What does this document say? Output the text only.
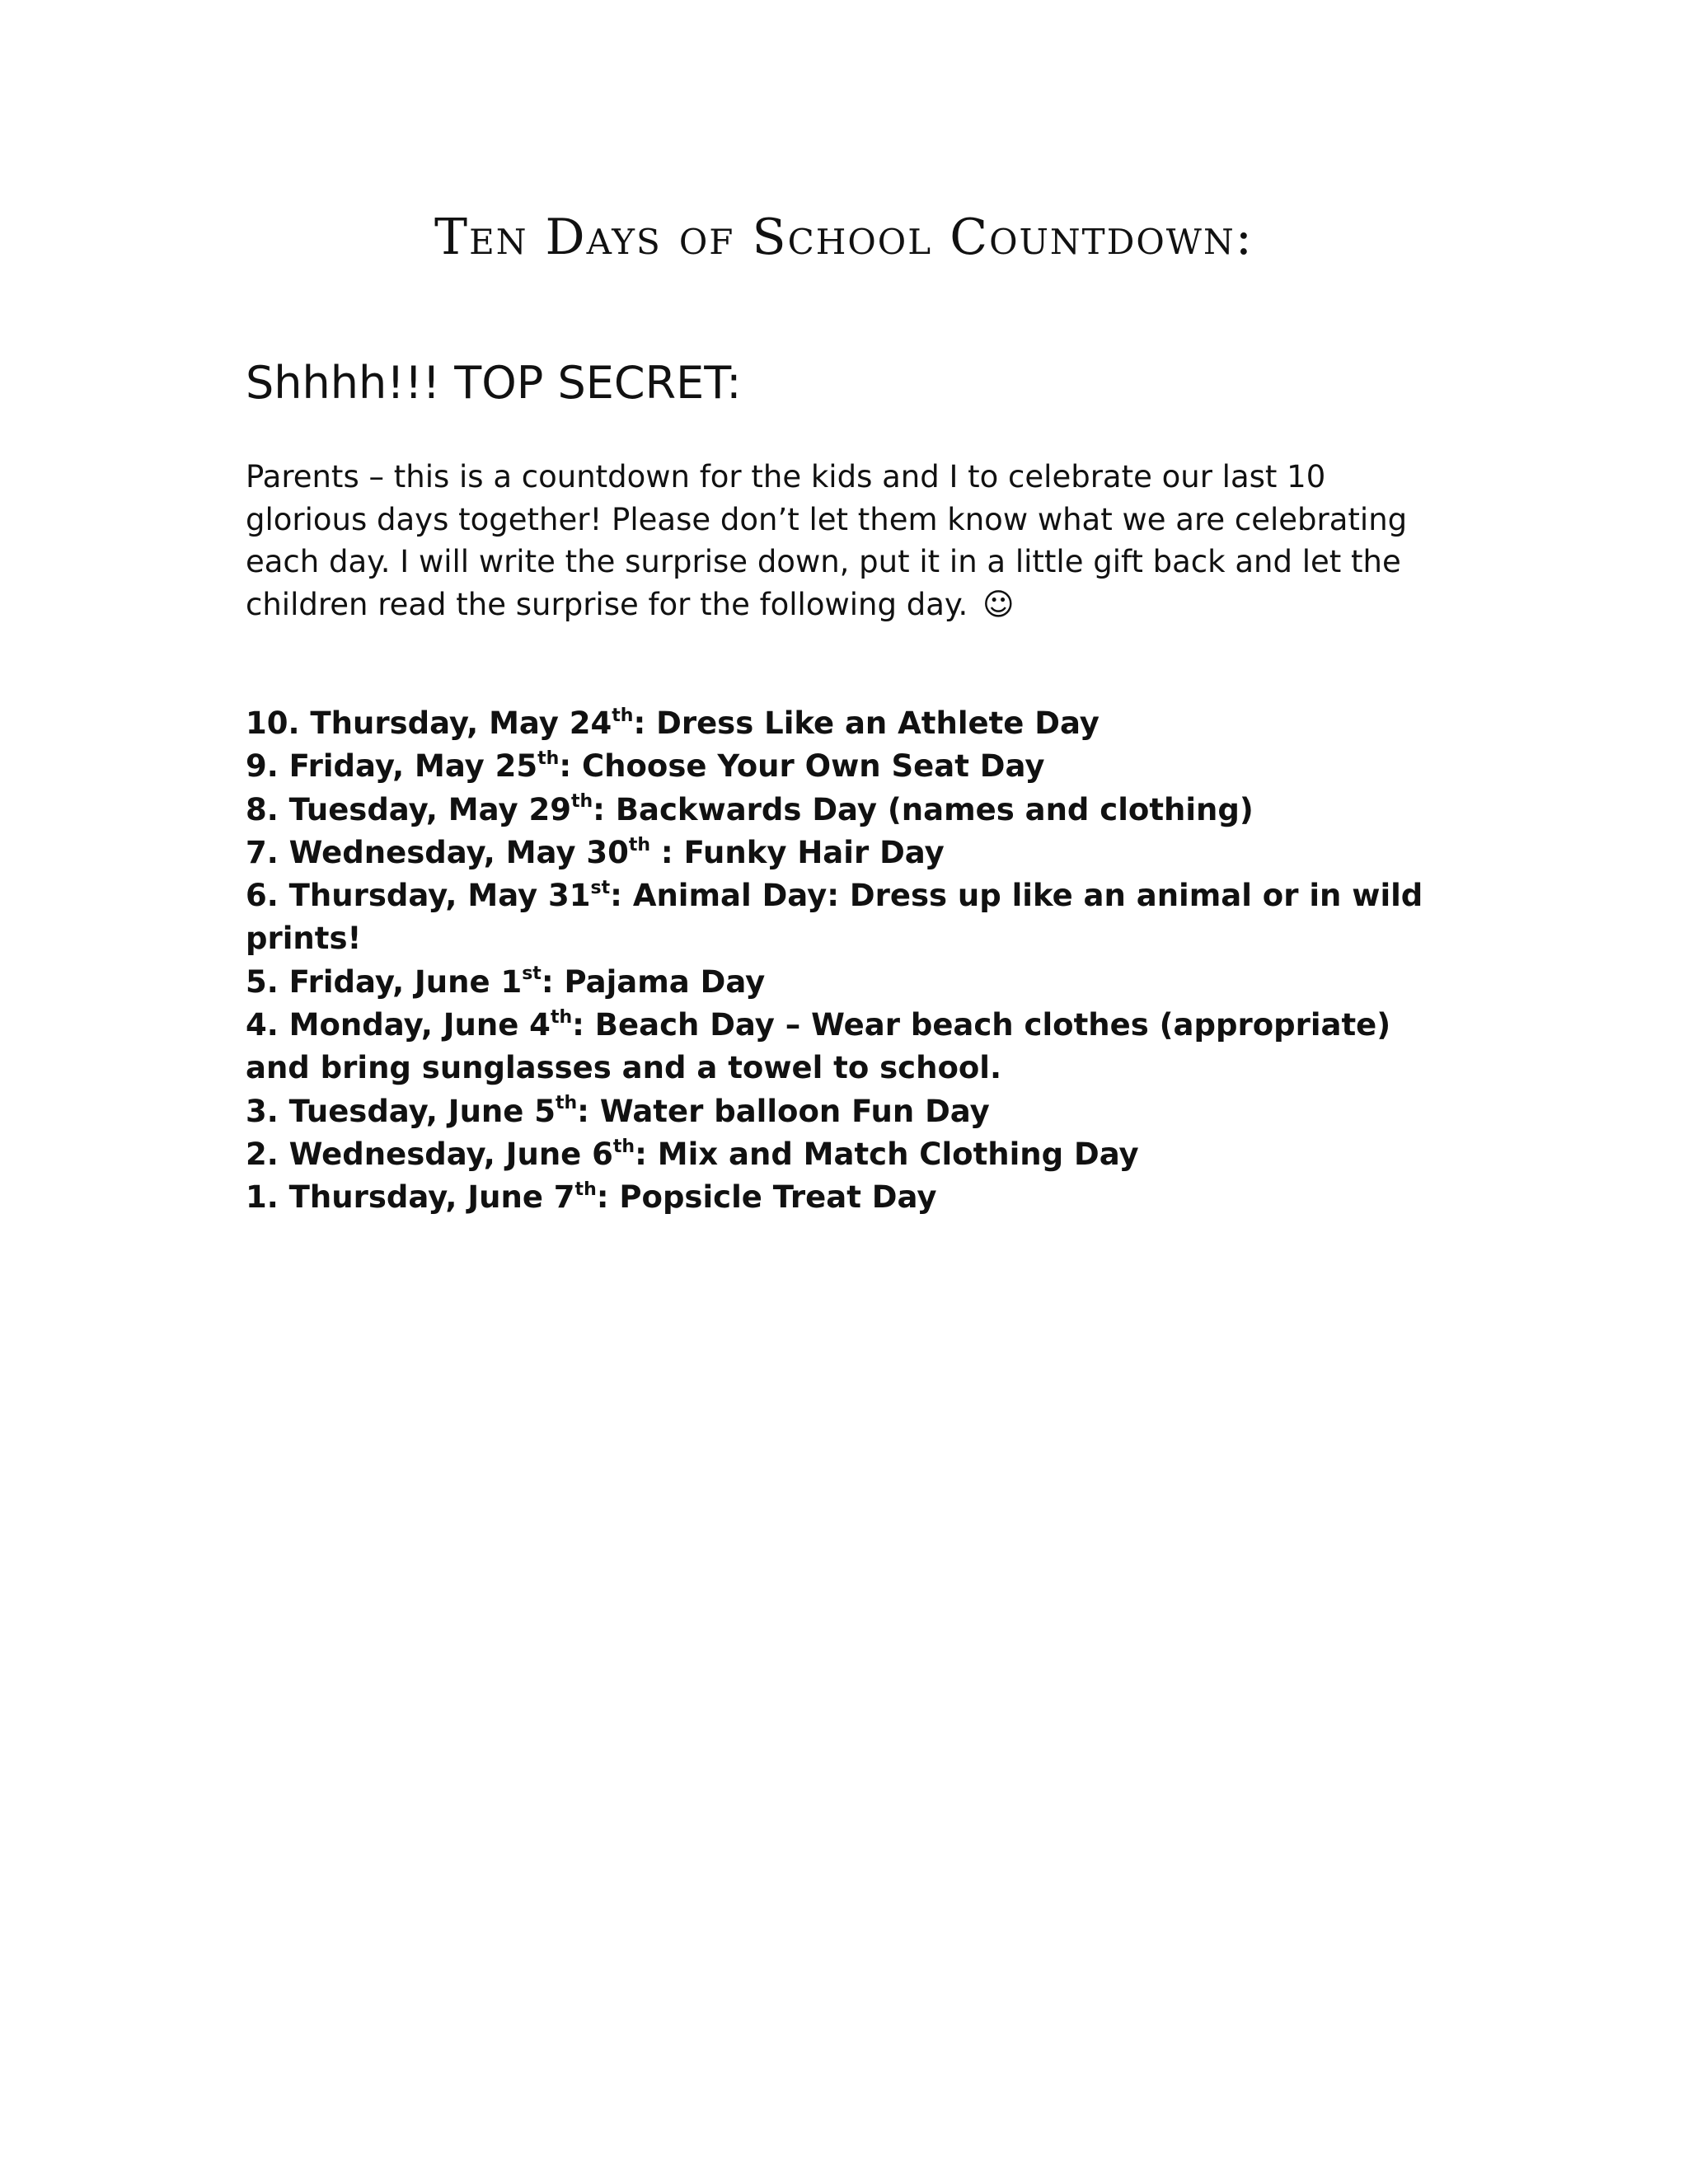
Ten Days of School Countdown:
Shhhh!!! TOP SECRET:

Parents – this is a countdown for the kids and I to celebrate our last 10 glorious days together! Please don’t let them know what we are celebrating each day. I will write the surprise down, put it in a little gift back and let the children read the surprise for the following day. ☺

10. Thursday, May 24th: Dress Like an Athlete Day
9. Friday, May 25th: Choose Your Own Seat Day
8. Tuesday, May 29th: Backwards Day (names and clothing)
7. Wednesday, May 30th : Funky Hair Day
6. Thursday, May 31st: Animal Day: Dress up like an animal or in wild prints!
5. Friday, June 1st: Pajama Day
4. Monday, June 4th: Beach Day – Wear beach clothes (appropriate) and bring sunglasses and a towel to school.
3. Tuesday, June 5th: Water balloon Fun Day
2. Wednesday, June 6th: Mix and Match Clothing Day
1. Thursday, June 7th: Popsicle Treat Day
